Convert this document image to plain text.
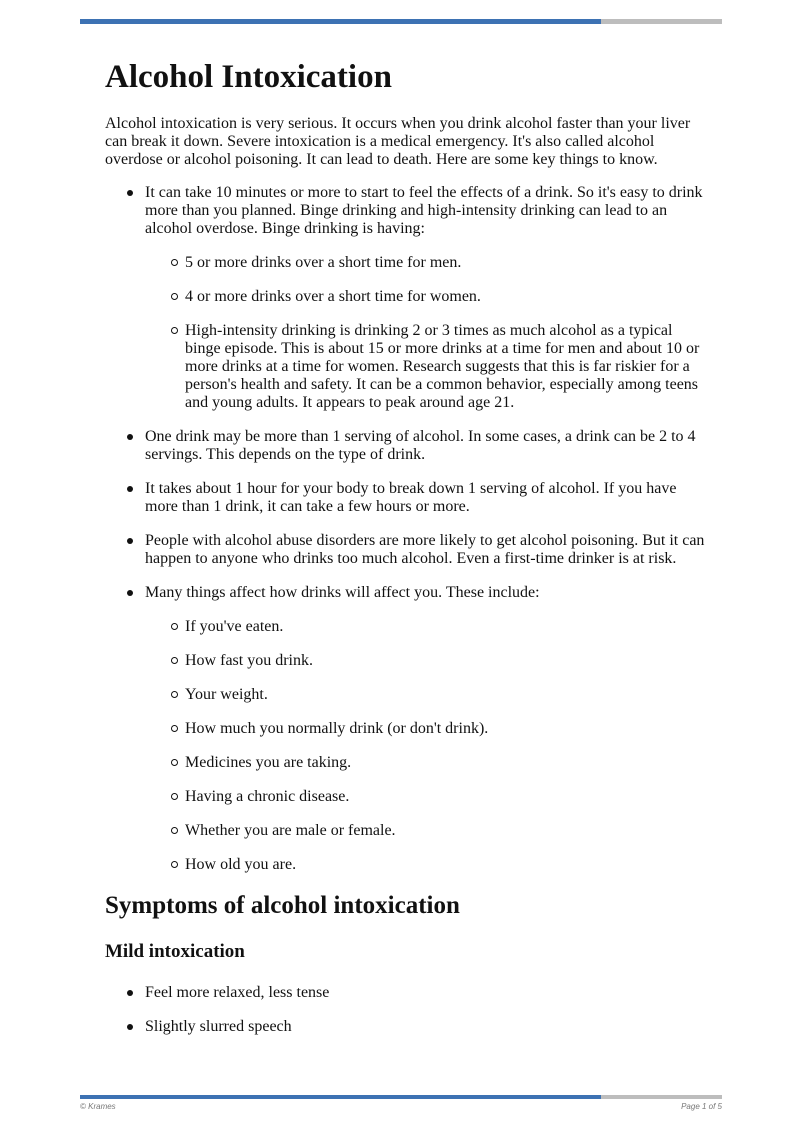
Alcohol Intoxication

Alcohol intoxication is very serious. It occurs when you drink alcohol faster than your liver can break it down. Severe intoxication is a medical emergency. It's also called alcohol overdose or alcohol poisoning. It can lead to death. Here are some key things to know.

It can take 10 minutes or more to start to feel the effects of a drink. So it's easy to drink more than you planned. Binge drinking and high-intensity drinking can lead to an alcohol overdose. Binge drinking is having:
5 or more drinks over a short time for men.
4 or more drinks over a short time for women.
High-intensity drinking is drinking 2 or 3 times as much alcohol as a typical binge episode. This is about 15 or more drinks at a time for men and about 10 or more drinks at a time for women. Research suggests that this is far riskier for a person's health and safety. It can be a common behavior, especially among teens and young adults. It appears to peak around age 21.
One drink may be more than 1 serving of alcohol. In some cases, a drink can be 2 to 4 servings. This depends on the type of drink.
It takes about 1 hour for your body to break down 1 serving of alcohol. If you have more than 1 drink, it can take a few hours or more.
People with alcohol abuse disorders are more likely to get alcohol poisoning. But it can happen to anyone who drinks too much alcohol. Even a first-time drinker is at risk.
Many things affect how drinks will affect you. These include:
If you've eaten.
How fast you drink.
Your weight.
How much you normally drink (or don't drink).
Medicines you are taking.
Having a chronic disease.
Whether you are male or female.
How old you are.
Symptoms of alcohol intoxication
Mild intoxication
Feel more relaxed, less tense
Slightly slurred speech
© Krames	Page 1 of 5
